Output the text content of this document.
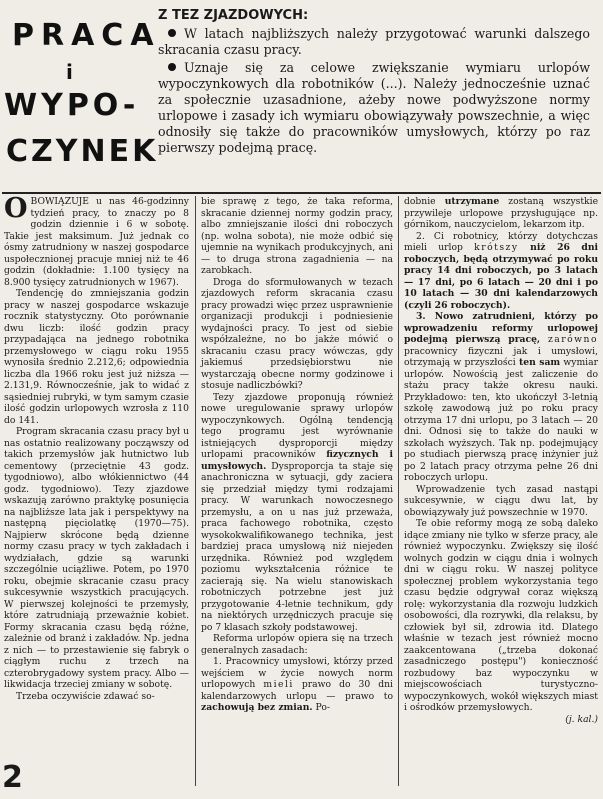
PRACA
i
WYPO-
CZYNEK
Z TEZ ZJAZDOWYCH:

W latach najbliższych należy przygotować warunki dalszego skracania czasu pracy.

Uznaje się za celowe zwiększanie wymiaru urlopów wypoczynkowych dla robotników (...). Należy jednocześnie uznać za społecznie uzasadnione, ażeby nowe podwyższone normy urlopowe i zasady ich wymiaru obowiązywały powszechnie, a więc odnosiły się także do pracowników umysłowych, którzy po raz pierwszy podejmą pracę.

OBOWIĄZUJE u nas 46-godzinny tydzień pracy, to znaczy po 8 godzin dziennie i 6 w sobotę. Takie jest maksimum. Już jednak co ósmy zatrudniony w naszej gospodarce uspołecznionej pracuje mniej niż te 46 godzin (dokładnie: 1.100 tysięcy na 8.900 tysięcy zatrudnionych w 1967).

Tendencję do zmniejszania godzin pracy w naszej gospodarce wskazuje rocznik statystyczny. Oto porównanie dwu liczb: ilość godzin pracy przypadająca na jednego robotnika przemysłowego w ciągu roku 1955 wynosiła średnio 2.212,6; odpowiednia liczba dla 1966 roku jest już niższa — 2.131,9. Równocześnie, jak to widać z sąsiedniej rubryki, w tym samym czasie ilość godzin urlopowych wzrosła z 110 do 141.

Program skracania czasu pracy był u nas ostatnio realizowany począwszy od takich przemysłów jak hutnictwo lub cementowy (przeciętnie 43 godz. tygodniowo), albo włókiennictwo (44 godz. tygodniowo). Tezy zjazdowe wskazują zarówno praktykę posunięcia na najbliższe lata jak i perspektywy na następną pięciolatkę (1970—75). Najpierw skrócone będą dzienne normy czasu pracy w tych zakładach i wydziałach, gdzie są warunki szczególnie uciążliwe. Potem, po 1970 roku, obejmie skracanie czasu pracy sukcesywnie wszystkich pracujących. W pierwszej kolejności te przemysły, które zatrudniają przeważnie kobiet. Formy skracania czasu będą różne, zależnie od branż i zakładów. Np. jedna z nich — to przestawienie się fabryk o ciągłym ruchu z trzech na czterobrygadowy system pracy. Albo — likwidacja trzeciej zmiany w sobotę.

Trzeba oczywiście zdawać so-

bie sprawę z tego, że taka reforma, skracanie dziennej normy godzin pracy, albo zmniejszanie ilości dni roboczych (np. wolna sobota), nie może odbić się ujemnie na wynikach produkcyjnych, ani — to druga strona zagadnienia — na zarobkach.

Droga do sformułowanych w tezach zjazdowych reform skracania czasu pracy prowadzi więc przez usprawnienie organizacji produkcji i podniesienie wydajności pracy. To jest od siebie współzależne, no bo jakże mówić o skracaniu czasu pracy wówczas, gdy jakiemuś przedsiębiorstwu nie wystarczają obecne normy godzinowe i stosuje nadliczbówki?

Tezy zjazdowe proponują również nowe uregulowanie sprawy urlopów wypoczynkowych. Ogólną tendencją tego programu jest wyrównanie istniejących dysproporcji między urlopami pracowników fizycznych i umysłowych. Dysproporcja ta staje się anachroniczna w sytuacji, gdy zaciera się przedział między tymi rodzajami pracy. W warunkach nowoczesnego przemysłu, a on u nas już przeważa, praca fachowego robotnika, często wysokokwalifikowanego technika, jest bardziej praca umysłową niż niejeden urzędnika. Również pod względem poziomu wykształcenia różnice te zacierają się. Na wielu stanowiskach robotniczych potrzebne jest już przygotowanie 4-letnie technikum, gdy na niektórych urzędniczych pracuje się po 7 klasach szkoły podstawowej.

Reforma urlopów opiera się na trzech generalnych zasadach:

1. Pracownicy umysłowi, którzy przed wejściem w życie nowych norm urlopowych mieli prawo do 30 dni kalendarzowych urlopu — prawo to zachowują bez zmian. Po-

dobnie utrzymane zostaną wszystkie przywileje urlopowe przysługujące np. górnikom, nauczycielom, lekarzom itp.

2. Ci robotnicy, którzy dotychczas mieli urlop krótszy niż 26 dni roboczych, będą otrzymywać po roku pracy 14 dni roboczych, po 3 latach — 17 dni, po 6 latach — 20 dni i po 10 latach — 30 dni kalendarzowych (czyli 26 roboczych).

3. Nowo zatrudnieni, którzy po wprowadzeniu reformy urlopowej podejmą pierwszą pracę, zarówno pracownicy fizyczni jak i umysłowi, otrzymają w przyszłości ten sam wymiar urlopów. Nowością jest zaliczenie do stażu pracy także okresu nauki. Przykładowo: ten, kto ukończył 3-letnią szkołę zawodową już po roku pracy otrzyma 17 dni urlopu, po 3 latach — 20 dni. Odnosi się to także do nauki w szkołach wyższych. Tak np. podejmujący po studiach pierwszą pracę inżynier już po 2 latach pracy otrzyma pełne 26 dni roboczych urlopu.

Wprowadzenie tych zasad nastąpi sukcesywnie, w ciągu dwu lat, by obowiązywały już powszechnie w 1970.

Te obie reformy mogą ze sobą daleko idące zmiany nie tylko w sferze pracy, ale również wypoczynku. Zwiększy się ilość wolnych godzin w ciągu dnia i wolnych dni w ciągu roku. W naszej polityce społecznej problem wykorzystania tego czasu będzie odgrywał coraz większą rolę: wykorzystania dla rozwoju ludzkich osobowości, dla rozrywki, dla relaksu, by człowiek był sił, zdrowia itd. Dlatego właśnie w tezach jest również mocno zaakcentowana („trzeba dokonać zasadniczego postępu") konieczność rozbudowy baz wypoczynku w miejscowościach turystyczno-wypoczynkowych, wokół większych miast i ośrodków przemysłowych.

(j. kal.)

2
